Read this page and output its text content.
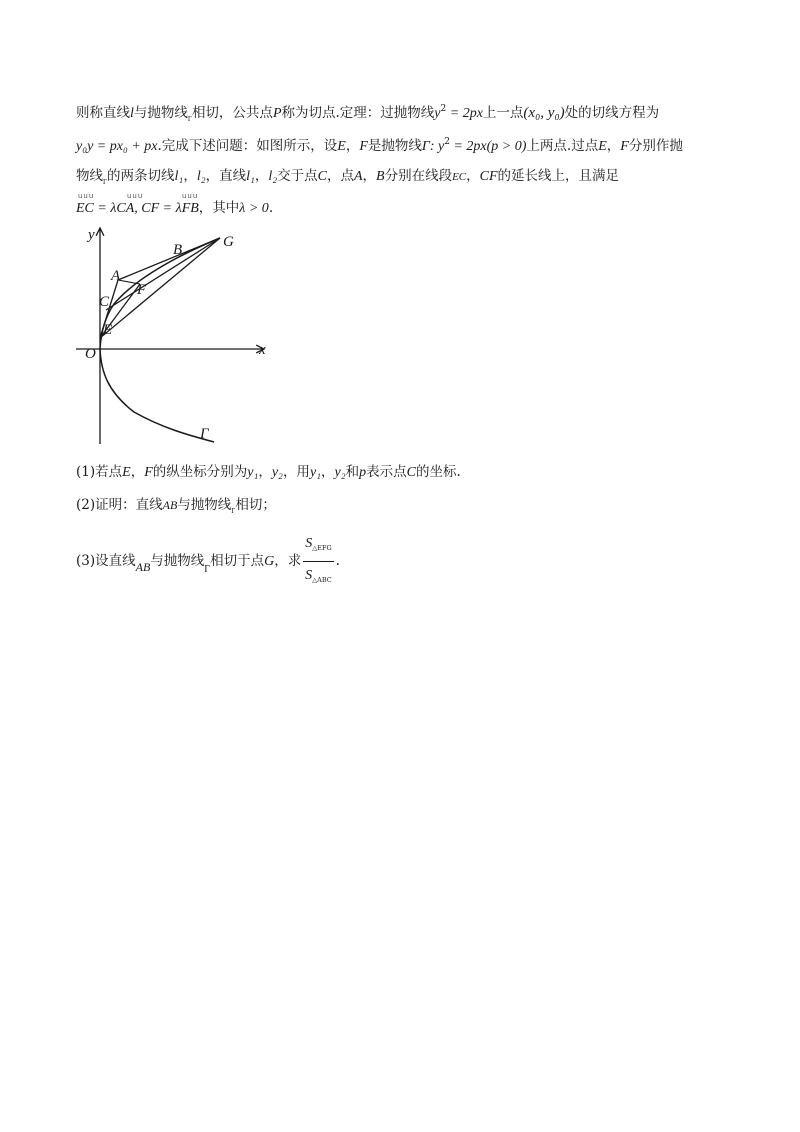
则称直线l与抛物线$_\Gamma$相切，公共点P称为切点.定理：过抛物线$y^2 = 2px$上一点(x₀, y₀)处的切线方程为
y₀y = px₀ + px.完成下述问题：如图所示，设E，F是抛物线Γ: $y^2 = 2px(p > 0)$上两点.过点E，F分别作抛
物线$_\Gamma$的两条切线l₁，l₂，直线l₁，l₂交于点C，点A，B分别在线段EC，CF的延长线上，且满足
uuu	uuu	uuu
EC = λCA, CF = λFB，其中λ > 0.
y
x
O
Γ
A
B
C
E
F
G
(1)若点E，F的纵坐标分别为y₁，y₂，用y₁，y₂和p表示点C的坐标.
(2)证明：直线AB与抛物线$_\Gamma$相切；
(3)设直线AB与抛物线$_\Gamma$相切于点G，求 $\frac{S_{\triangle EFG}}{S_{\triangle ABC}}$ .
